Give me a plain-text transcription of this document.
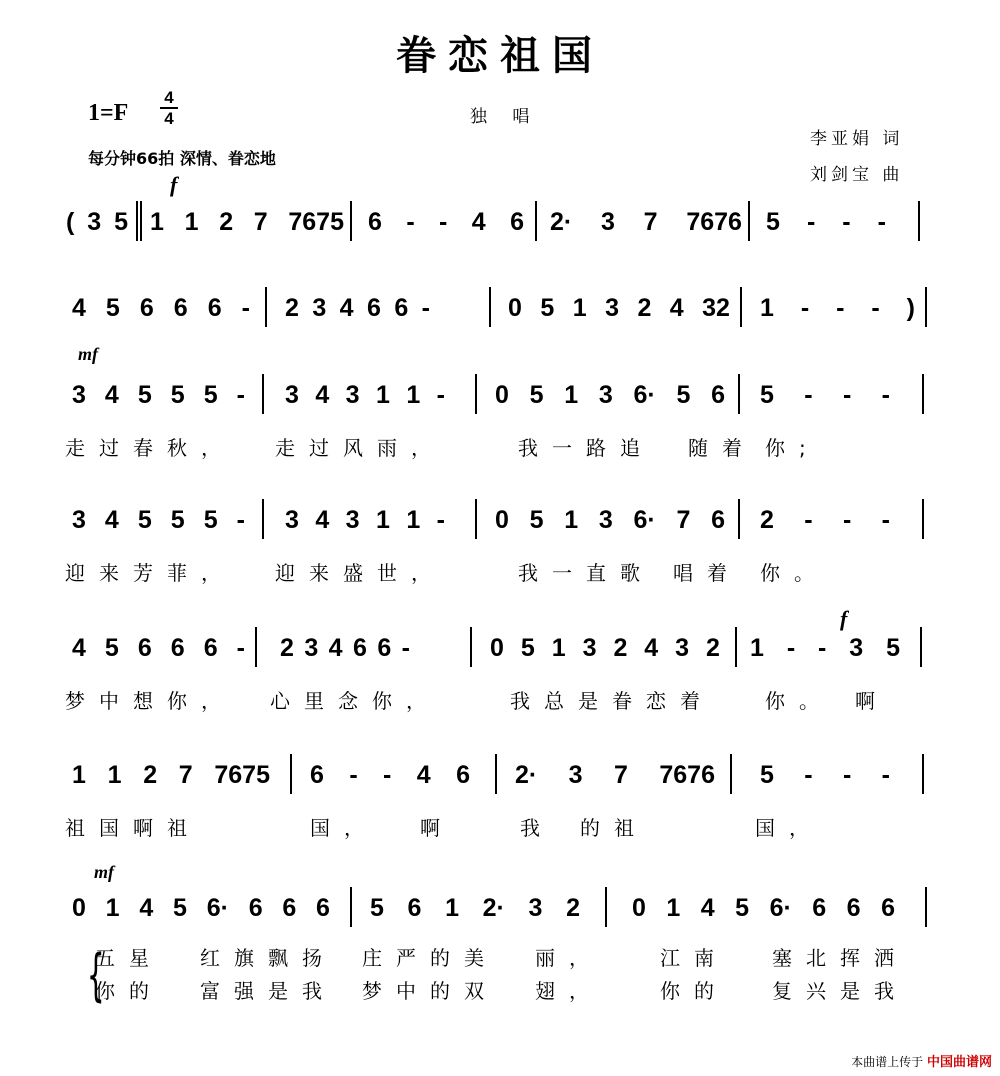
眷恋祖国
$1=F \frac{4}{4}$	独 唱
每分钟66拍 深情、眷恋地
李亚娟 词
刘剑宝 曲
f
mf
f
mf
{
( 3 5 1 1 2 7 7675 6 - - 4 6 2· 3 7 7676 5 - - -
4 5 6 6 6 - 2 3 4 6 6 -	0 5 1 3 2 4 32 1 - - - )
3 4 5 5 5 - 3 4 3 1 1 - 0 5 1 3 6· 5 6 5 - - -
走过春秋， 走过风雨，	我一路追 随着 你;
3 4 5 5 5 - 3 4 3 1 1 - 0 5 1 3 6· 7 6 2 - - -
迎来芳菲， 迎来盛世，	我一直歌 唱着 你。
4 5 6 6 6 - 2 3 4 6 6 -	0 5 1 3 2 4 3 2 1 - - 3 5
梦中想你， 心里念你，	我总是眷恋着	你。 啊
1 1 2 7 7675 6 - - 4 6 2· 3 7 7676 5 - - -
祖国啊祖	国， 啊	我 的祖	国，
0 1 4 5 6· 6 6 6 5 6 1 2· 3 2 0 1 4 5 6· 6 6 6
五星 红旗飘扬 庄严的美 丽，	江南 塞北挥洒
你的 富强是我 梦中的双 翅，	你的 复兴是我
本曲谱上传于 中国曲谱网
